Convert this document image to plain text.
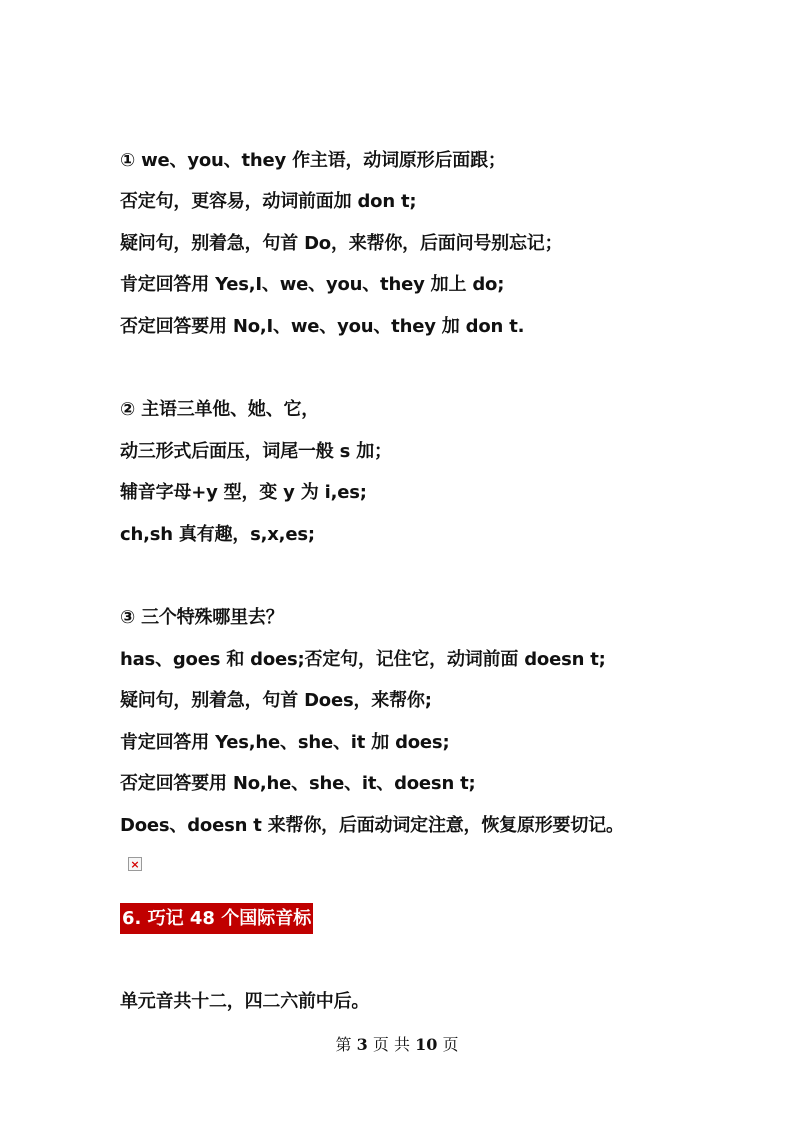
① we、you、they 作主语，动词原形后面跟；
否定句，更容易，动词前面加 don t;
疑问句，别着急，句首 Do，来帮你，后面问号别忘记；
肯定回答用 Yes,I、we、you、they 加上 do;
否定回答要用 No,I、we、you、they 加 don t.
② 主语三单他、她、它，
动三形式后面压，词尾一般 s 加；
辅音字母+y 型，变 y 为 i,es;
ch,sh 真有趣，s,x,es;
③ 三个特殊哪里去？
has、goes 和 does;否定句，记住它，动词前面 doesn t;
疑问句，别着急，句首 Does，来帮你;
肯定回答用 Yes,he、she、it 加 does;
否定回答要用 No,he、she、it、doesn t;
Does、doesn t 来帮你，后面动词定注意，恢复原形要切记。
×
6. 巧记 48 个国际音标
单元音共十二，四二六前中后。
第 3 页 共 10 页
